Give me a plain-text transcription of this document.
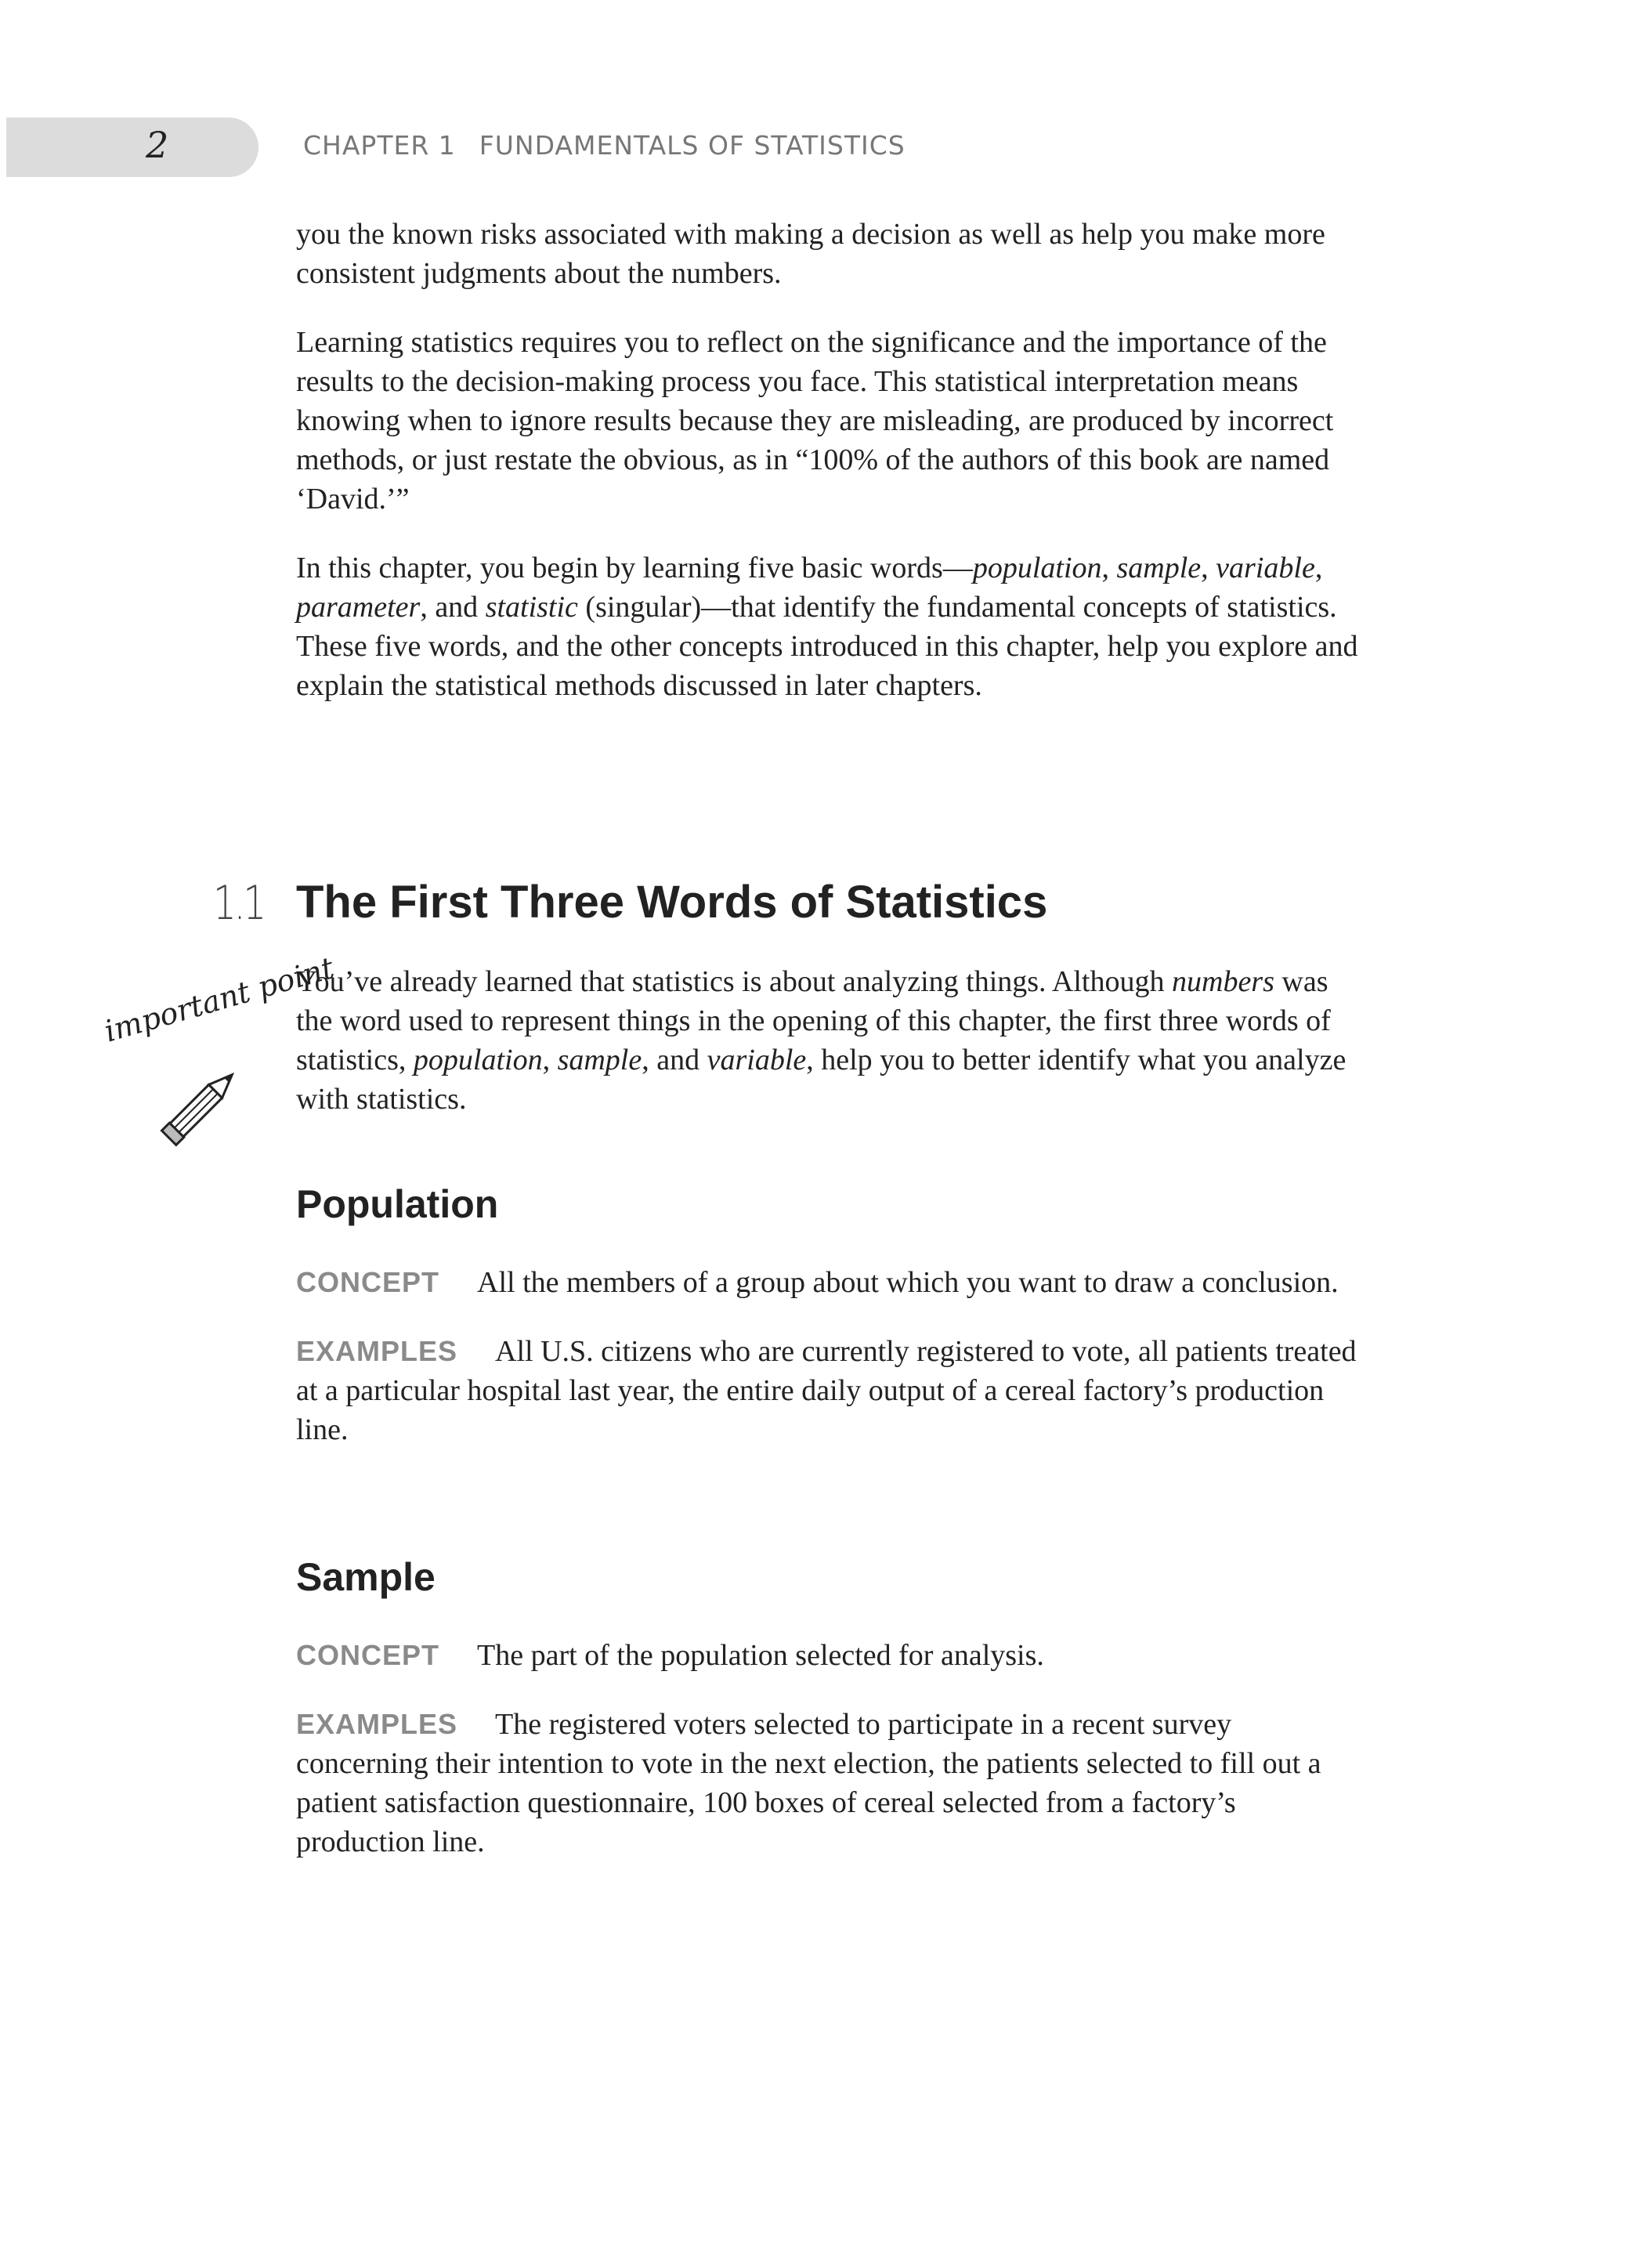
2	CHAPTER 1 FUNDAMENTALS OF STATISTICS

you the known risks associated with making a decision as well as help you make more consistent judgments about the numbers.

Learning statistics requires you to reflect on the significance and the importance of the results to the decision-making process you face. This statistical interpretation means knowing when to ignore results because they are misleading, are produced by incorrect methods, or just restate the obvious, as in “100% of the authors of this book are named ‘David.’”

In this chapter, you begin by learning five basic words—population, sample, variable, parameter, and statistic (singular)—that identify the fundamental concepts of statistics. These five words, and the other concepts introduced in this chapter, help you explore and explain the statistical methods discussed in later chapters.

1.1 The First Three Words of Statistics
important point

You’ve already learned that statistics is about analyzing things. Although numbers was the word used to represent things in the opening of this chapter, the first three words of statistics, population, sample, and variable, help you to better identify what you analyze with statistics.

Population

CONCEPT All the members of a group about which you want to draw a conclusion.

EXAMPLES All U.S. citizens who are currently registered to vote, all patients treated at a particular hospital last year, the entire daily output of a cereal factory’s production line.

Sample

CONCEPT The part of the population selected for analysis.

EXAMPLES The registered voters selected to participate in a recent survey concerning their intention to vote in the next election, the patients selected to fill out a patient satisfaction questionnaire, 100 boxes of cereal selected from a factory’s production line.
